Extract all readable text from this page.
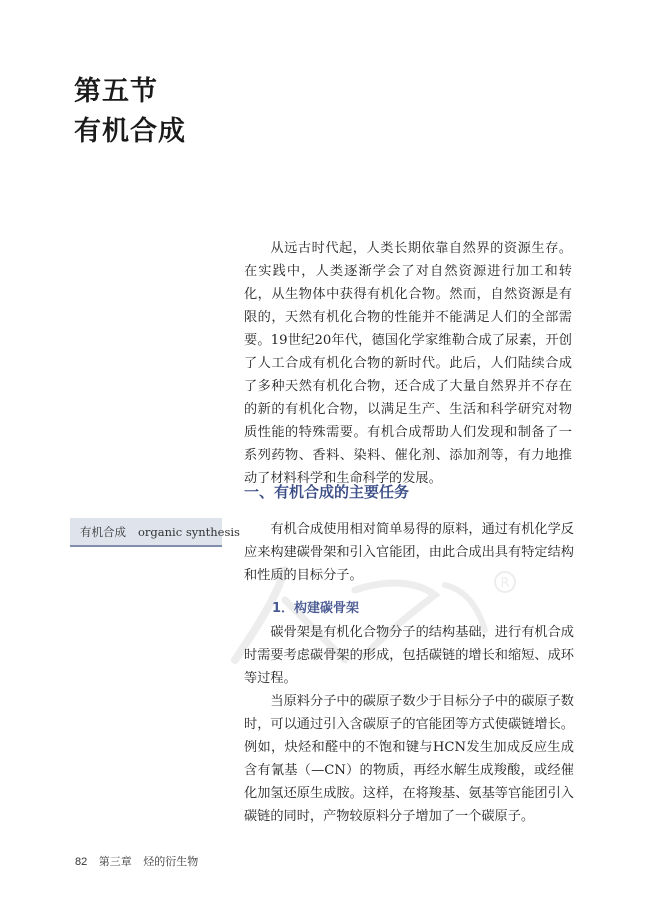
第五节
有机合成
R

从远古时代起，人类长期依靠自然界的资源生存。在实践中，人类逐渐学会了对自然资源进行加工和转化，从生物体中获得有机化合物。然而，自然资源是有限的，天然有机化合物的性能并不能满足人们的全部需要。19世纪20年代，德国化学家维勒合成了尿素，开创了人工合成有机化合物的新时代。此后，人们陆续合成了多种天然有机化合物，还合成了大量自然界并不存在的新的有机化合物，以满足生产、生活和科学研究对物质性能的特殊需要。有机合成帮助人们发现和制备了一系列药物、香料、染料、催化剂、添加剂等，有力地推动了材料科学和生命科学的发展。

一、有机合成的主要任务
有机合成 organic synthesis	有机合成使用相对简单易得的原料，通过有机化学反应来构建碳骨架和引入官能团，由此合成出具有特定结构和性质的目标分子。

1．构建碳骨架

碳骨架是有机化合物分子的结构基础，进行有机合成时需要考虑碳骨架的形成，包括碳链的增长和缩短、成环等过程。

当原料分子中的碳原子数少于目标分子中的碳原子数时，可以通过引入含碳原子的官能团等方式使碳链增长。例如，炔烃和醛中的不饱和键与HCN发生加成反应生成含有氰基（—CN）的物质，再经水解生成羧酸，或经催化加氢还原生成胺。这样，在将羧基、氨基等官能团引入碳链的同时，产物较原料分子增加了一个碳原子。

82 第三章 烃的衍生物
